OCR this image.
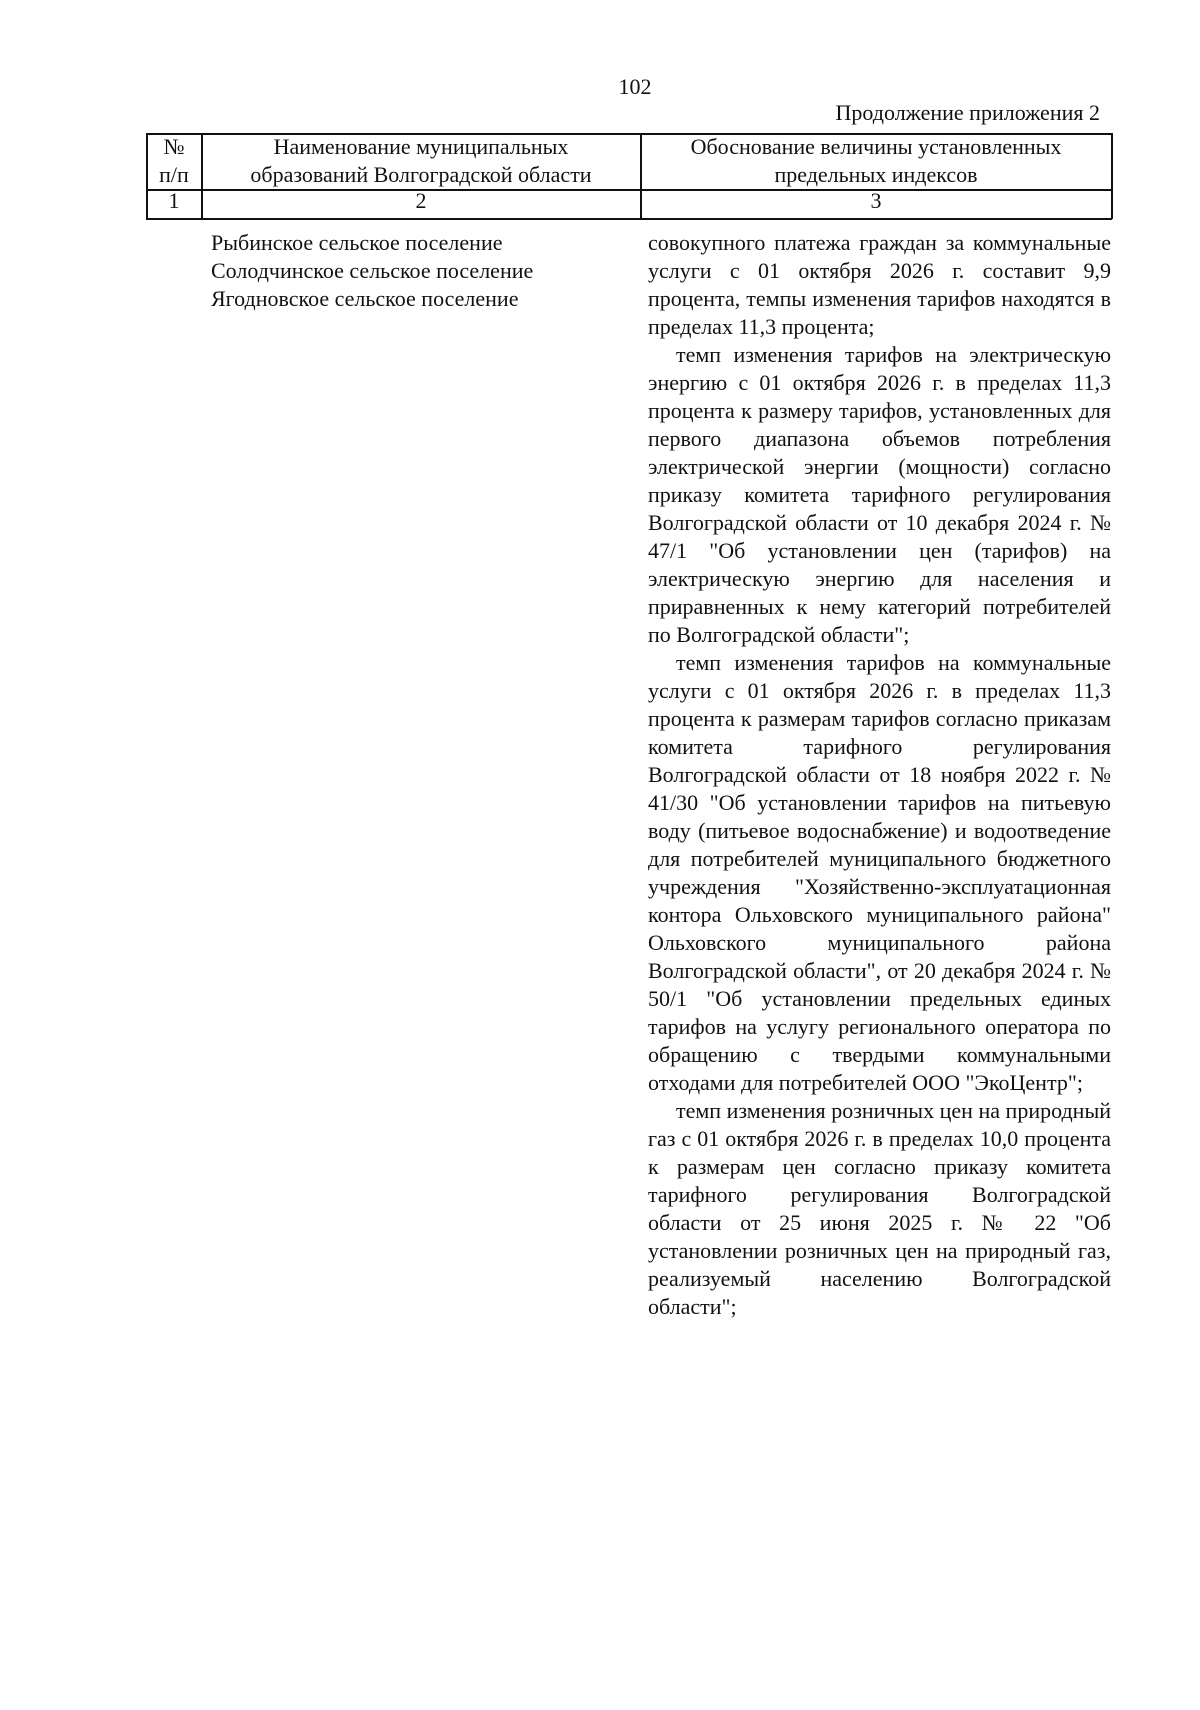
102
Продолжение приложения 2
№
п/п
Наименование муниципальных
образований Волгоградской области
Обоснование величины установленных
предельных индексов
1	2	3
Рыбинское сельское поселение
Солодчинское сельское поселение
Ягодновское сельское поселение

совокупного платежа граждан за коммунальные услуги с 01 октября 2026 г. составит 9,9 процента, темпы изменения тарифов находятся в пределах 11,3 процента;

темп изменения тарифов на электрическую энергию с 01 октября 2026 г. в пределах 11,3 процента к размеру тарифов, установленных для первого диапазона объемов потребления электрической энергии (мощности) согласно приказу комитета тарифного регулирования Волгоградской области от 10 декабря 2024 г. № 47/1 "Об установлении цен (тарифов) на электрическую энергию для населения и приравненных к нему категорий потребителей по Волгоградской области";

темп изменения тарифов на коммунальные услуги с 01 октября 2026 г. в пределах 11,3 процента к размерам тарифов согласно приказам комитета тарифного регулирования Волгоградской области от 18 ноября 2022 г. № 41/30 "Об установлении тарифов на питьевую воду (питьевое водоснабжение) и водоотведение для потребителей муниципального бюджетного учреждения "Хозяйственно-эксплуатационная контора Ольховского муниципального района" Ольховского муниципального района Волгоградской области", от 20 декабря 2024 г. № 50/1 "Об установлении предельных единых тарифов на услугу регионального оператора по обращению с твердыми коммунальными отходами для потребителей ООО "ЭкоЦентр";

темп изменения розничных цен на природный газ с 01 октября 2026 г. в пределах 10,0 процента к размерам цен согласно приказу комитета тарифного регулирования Волгоградской области от 25 июня 2025 г. № 22 "Об установлении розничных цен на природный газ, реализуемый населению Волгоградской области";
